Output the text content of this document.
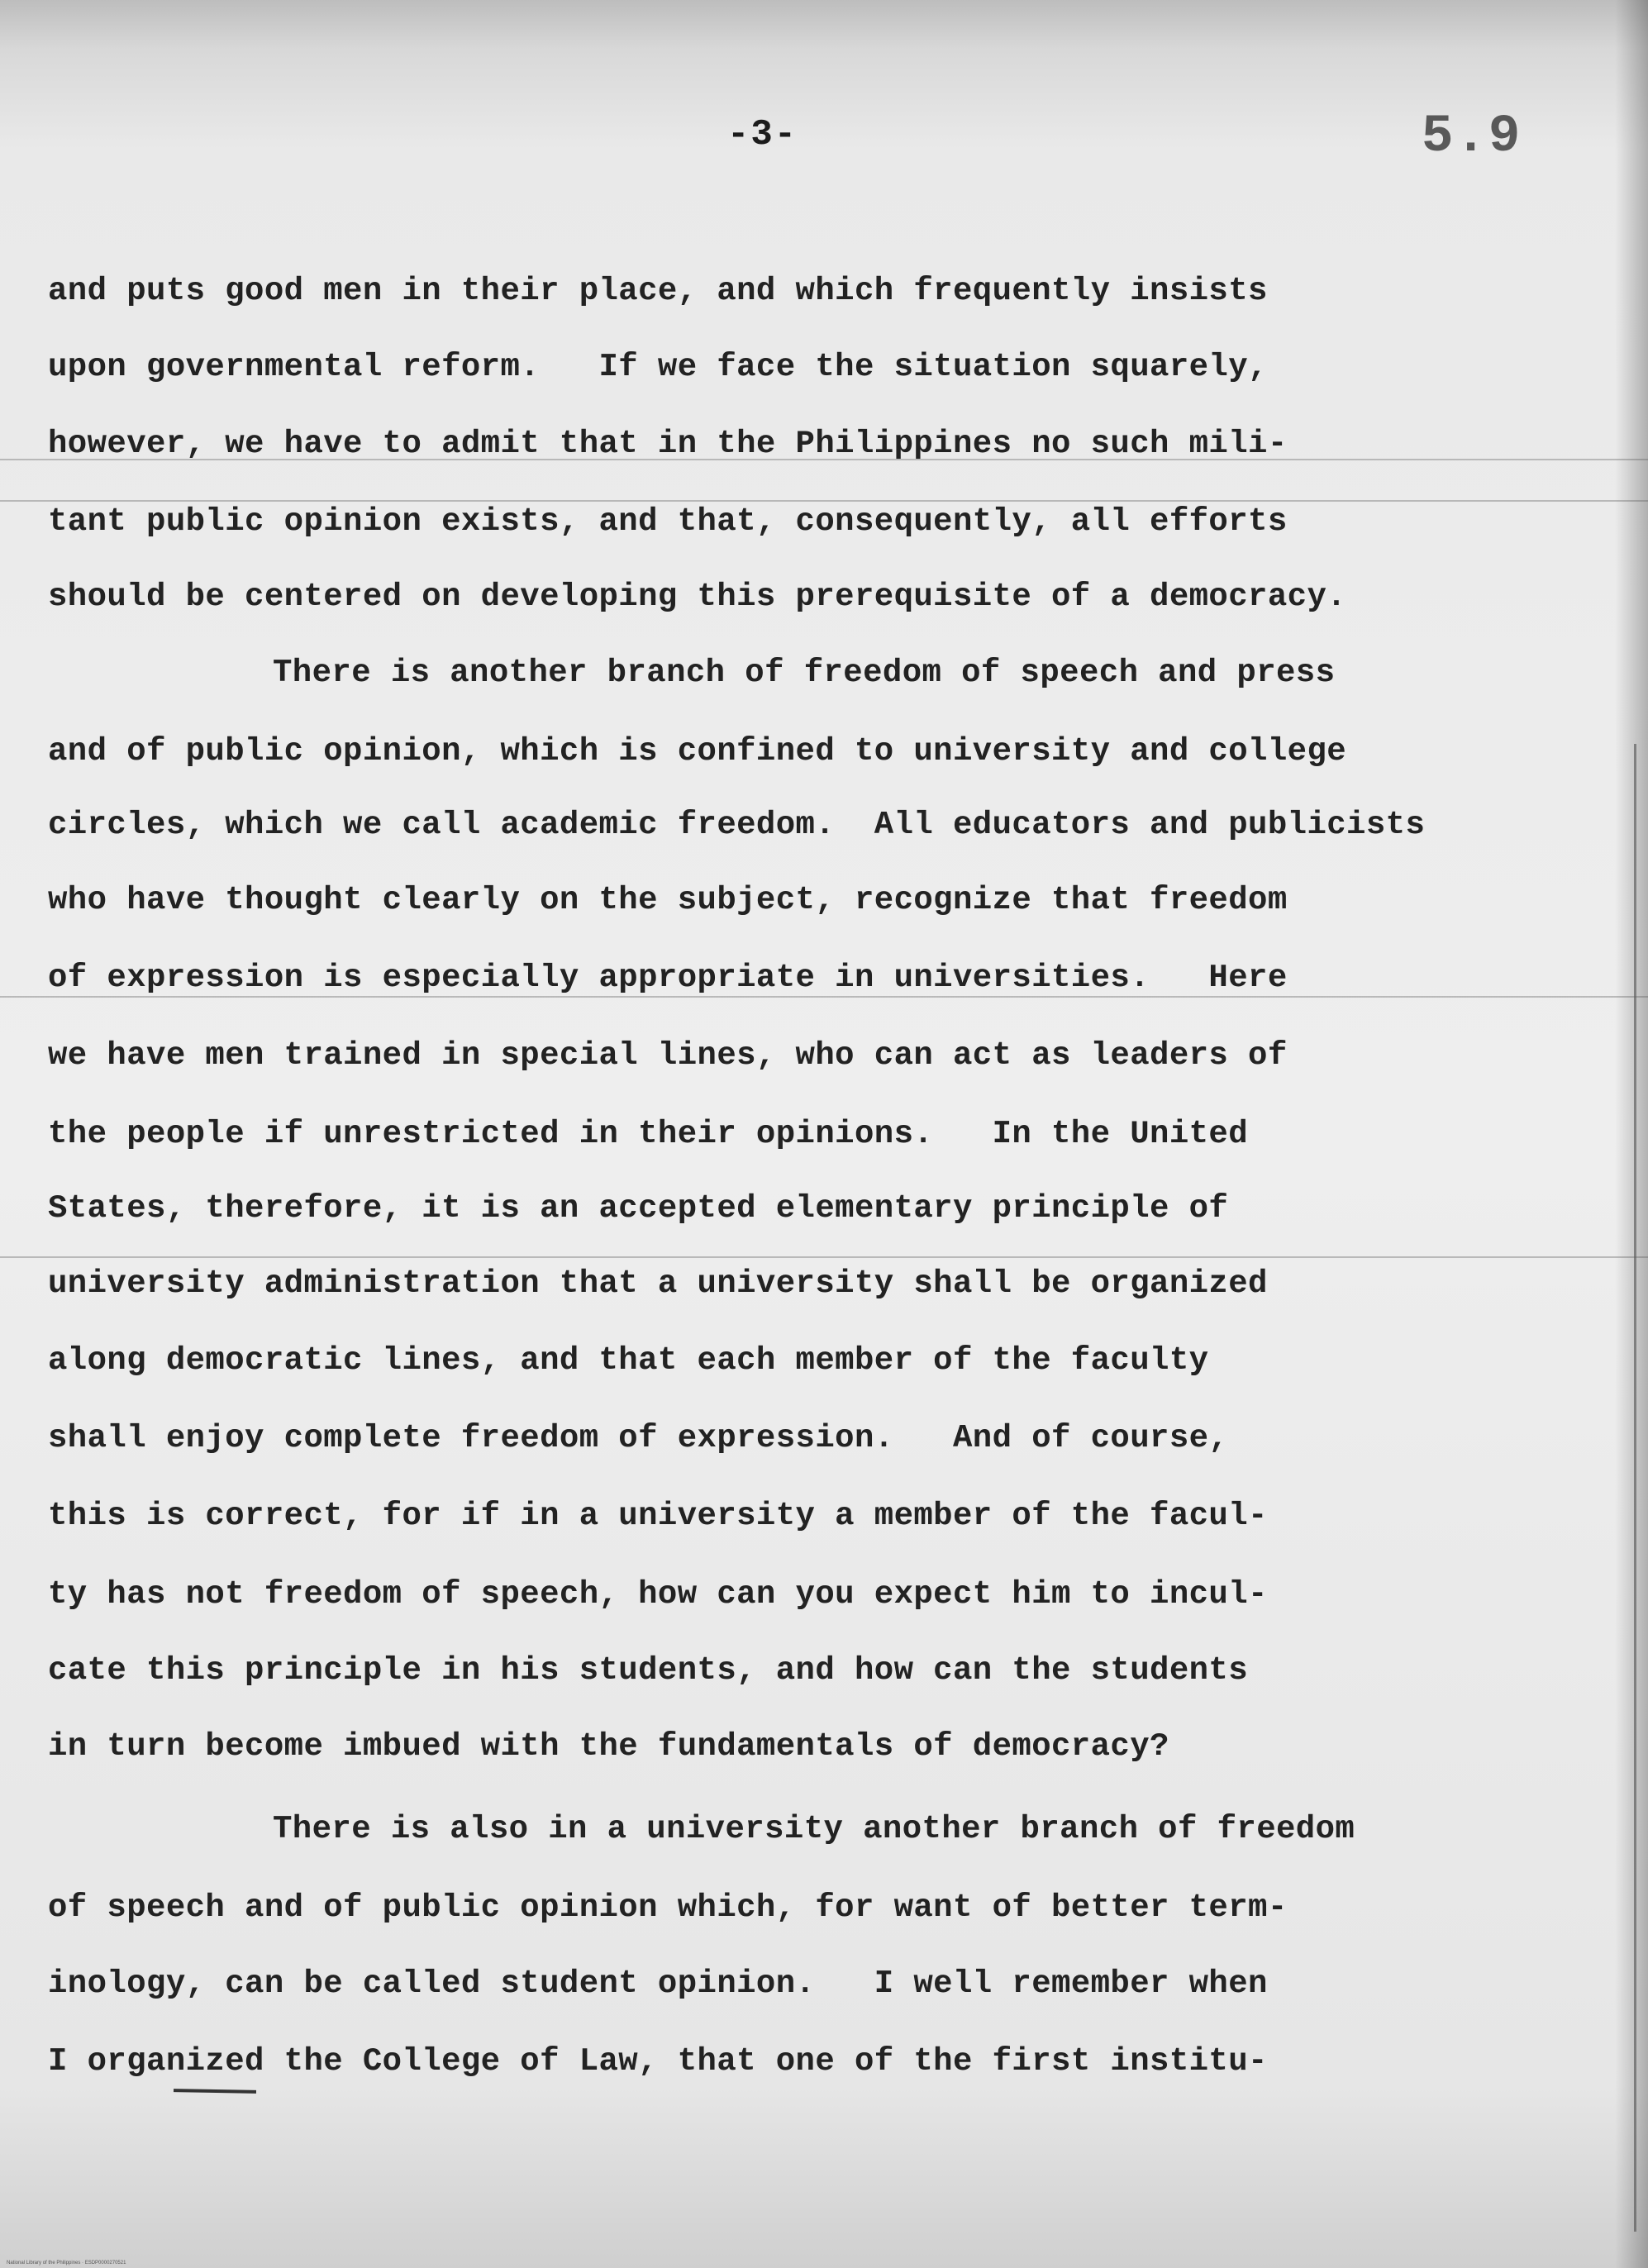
-3-	5.9
and puts good men in their place, and which frequently insists
upon governmental reform.   If we face the situation squarely,
however, we have to admit that in the Philippines no such mili-
tant public opinion exists, and that, consequently, all efforts
should be centered on developing this prerequisite of a democracy.
There is another branch of freedom of speech and press
and of public opinion, which is confined to university and college
circles, which we call academic freedom.  All educators and publicists
who have thought clearly on the subject, recognize that freedom
of expression is especially appropriate in universities.   Here
we have men trained in special lines, who can act as leaders of
the people if unrestricted in their opinions.   In the United
States, therefore, it is an accepted elementary principle of
university administration that a university shall be organized
along democratic lines, and that each member of the faculty
shall enjoy complete freedom of expression.   And of course,
this is correct, for if in a university a member of the facul-
ty has not freedom of speech, how can you expect him to incul-
cate this principle in his students, and how can the students
in turn become imbued with the fundamentals of democracy?
There is also in a university another branch of freedom
of speech and of public opinion which, for want of better term-
inology, can be called student opinion.   I well remember when
I organized the College of Law, that one of the first institu-
National Library of the Philippines · ESDP0000270521
